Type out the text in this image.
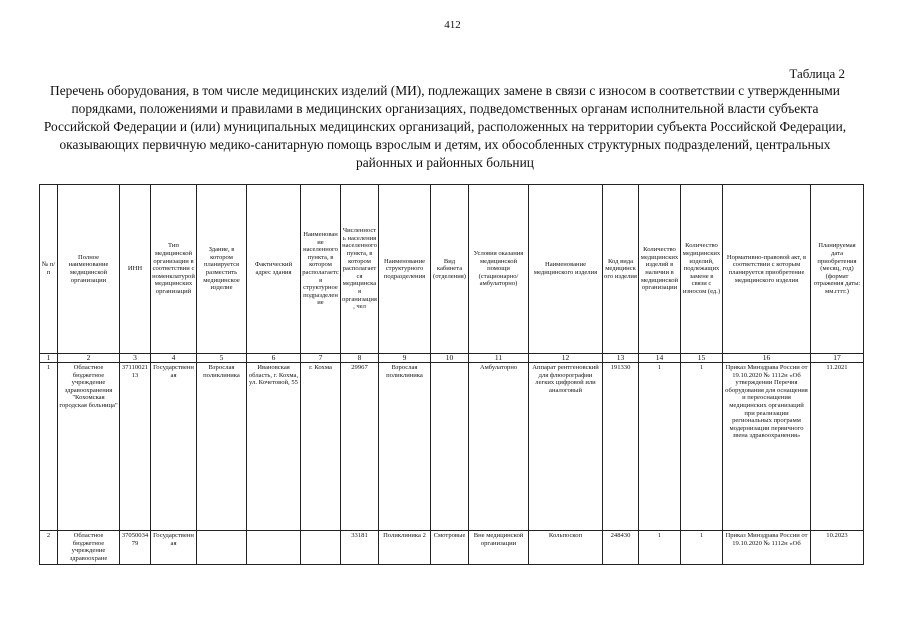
412
Таблица 2
Перечень оборудования, в том числе медицинских изделий (МИ), подлежащих замене в связи с износом в соответствии с утвержденными порядками, положениями и правилами в медицинских организациях, подведомственных органам исполнительной власти субъекта Российской Федерации и (или) муниципальных медицинских организаций, расположенных на территории субъекта Российской Федерации, оказывающих первичную медико-санитарную помощь взрослым и детям, их обособленных структурных подразделений, центральных районных и районных больниц
№ п/п	Полное наименование медицинской организации	ИНН	Тип медицинской организации в соответствии с номенклатурой медицинских организаций	Здание, в котором планируется разместить медицинское изделие	Фактический адрес здания	Наименование населенного пункта, в котором располагается структурное подразделение	Численность населения населенного пункта, в котором располагается медицинская организация, чел	Наименование структурного подразделения	Вид кабинета (отделения)	Условия оказания медицинской помощи (стационарно/амбулаторно)	Наименование медицинского изделия	Код вида медицинского изделия	Количество медицинских изделий в наличии в медицинской организации	Количество медицинских изделий, подлежащих замене в связи с износом (ед.)	Нормативно-правовой акт, в соответствии с которым планируется приобретение медицинского изделия	Планируемая дата приобретения (месяц, год) (формат отражения даты: мм.гггг.)
1	2	3	4	5	6	7	8	9	10	11	12	13	14	15	16	17
1	Областное бюджетное учреждение здравоохранения "Кохомская городская больница"	3711002113	Государственная	Взрослая поликлиника	Ивановская область, г. Кохма, ул. Кочетовой, 55	г. Кохма	29967	Взрослая поликлиника		Амбулаторно	Аппарат рентгеновский для флюорографии легких цифровой или аналоговый	191330	1	1	Приказ Минздрава России от 19.10.2020 № 1112н «Об утверждении Перечня оборудования для оснащения и переоснащения медицинских организаций при реализации региональных программ модернизации первичного звена здравоохранения»	11.2021
2	Областное бюджетное учреждение здравоохране	3705003479	Государственная				33181	Поликлиника 2	Смотровые	Вне медицинской организации	Кольпоскоп	248430	1	1	Приказ Минздрава России от 19.10.2020 № 1112н «Об	10.2023
